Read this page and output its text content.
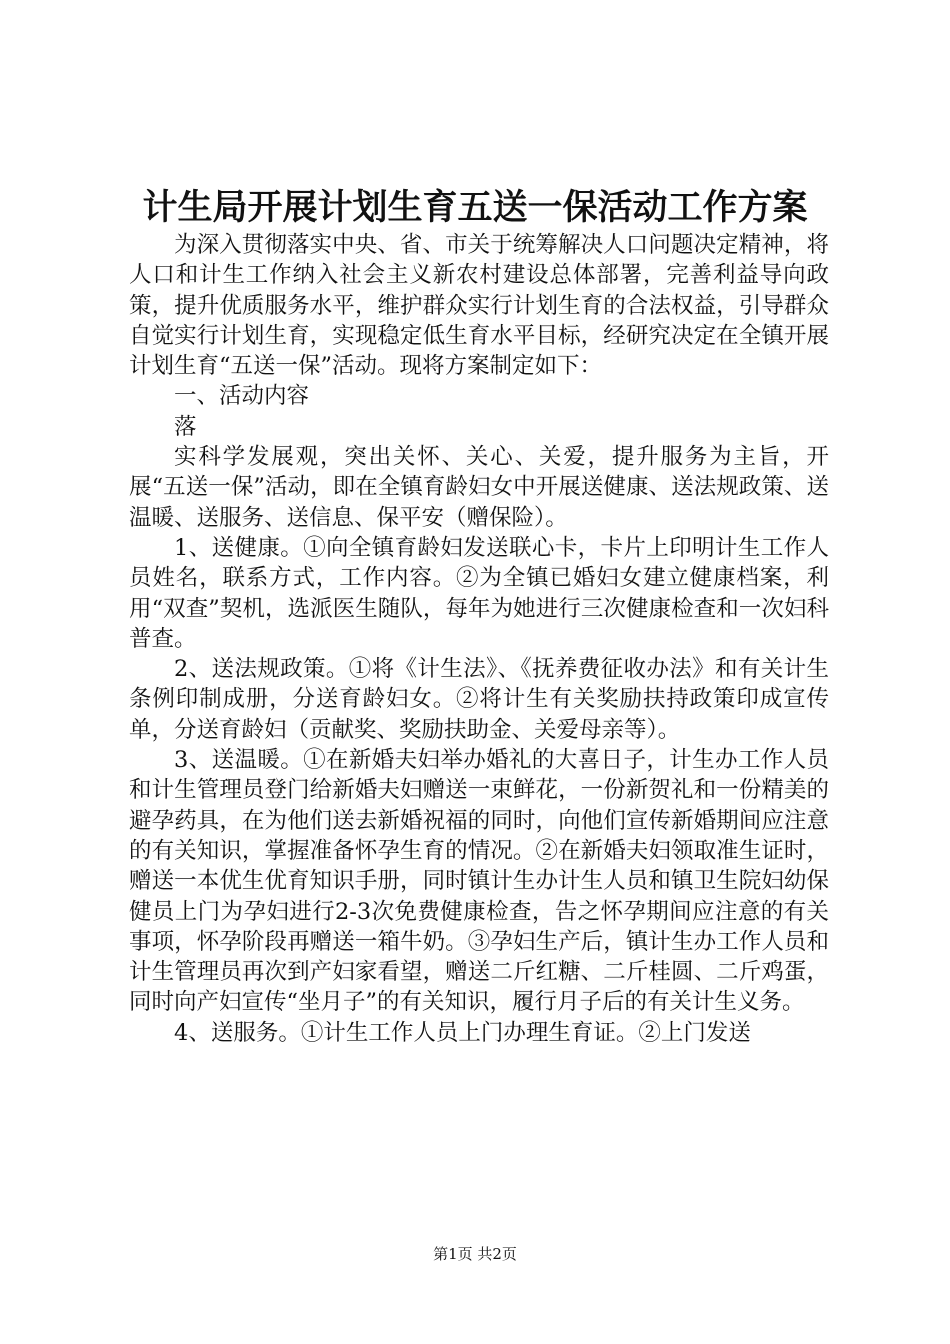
计生局开展计划生育五送一保活动工作方案

为深入贯彻落实中央、省、市关于统筹解决人口问题决定精神，将人口和计生工作纳入社会主义新农村建设总体部署，完善利益导向政策，提升优质服务水平，维护群众实行计划生育的合法权益，引导群众自觉实行计划生育，实现稳定低生育水平目标，经研究决定在全镇开展计划生育“五送一保”活动。现将方案制定如下：

一、活动内容

落

实科学发展观，突出关怀、关心、关爱，提升服务为主旨，开展“五送一保”活动，即在全镇育龄妇女中开展送健康、送法规政策、送温暖、送服务、送信息、保平安（赠保险）。

1、送健康。①向全镇育龄妇发送联心卡，卡片上印明计生工作人员姓名，联系方式，工作内容。②为全镇已婚妇女建立健康档案，利用“双查”契机，选派医生随队，每年为她进行三次健康检查和一次妇科普查。

2、送法规政策。①将《计生法》、《抚养费征收办法》和有关计生条例印制成册，分送育龄妇女。②将计生有关奖励扶持政策印成宣传单，分送育龄妇（贡献奖、奖励扶助金、关爱母亲等）。

3、送温暖。①在新婚夫妇举办婚礼的大喜日子，计生办工作人员和计生管理员登门给新婚夫妇赠送一束鲜花，一份新贺礼和一份精美的避孕药具，在为他们送去新婚祝福的同时，向他们宣传新婚期间应注意的有关知识，掌握准备怀孕生育的情况。②在新婚夫妇领取准生证时，赠送一本优生优育知识手册，同时镇计生办计生人员和镇卫生院妇幼保健员上门为孕妇进行2-3次免费健康检查，告之怀孕期间应注意的有关事项，怀孕阶段再赠送一箱牛奶。③孕妇生产后，镇计生办工作人员和计生管理员再次到产妇家看望，赠送二斤红糖、二斤桂圆、二斤鸡蛋，同时向产妇宣传“坐月子”的有关知识，履行月子后的有关计生义务。

4、送服务。①计生工作人员上门办理生育证。②上门发送

第1页 共2页
